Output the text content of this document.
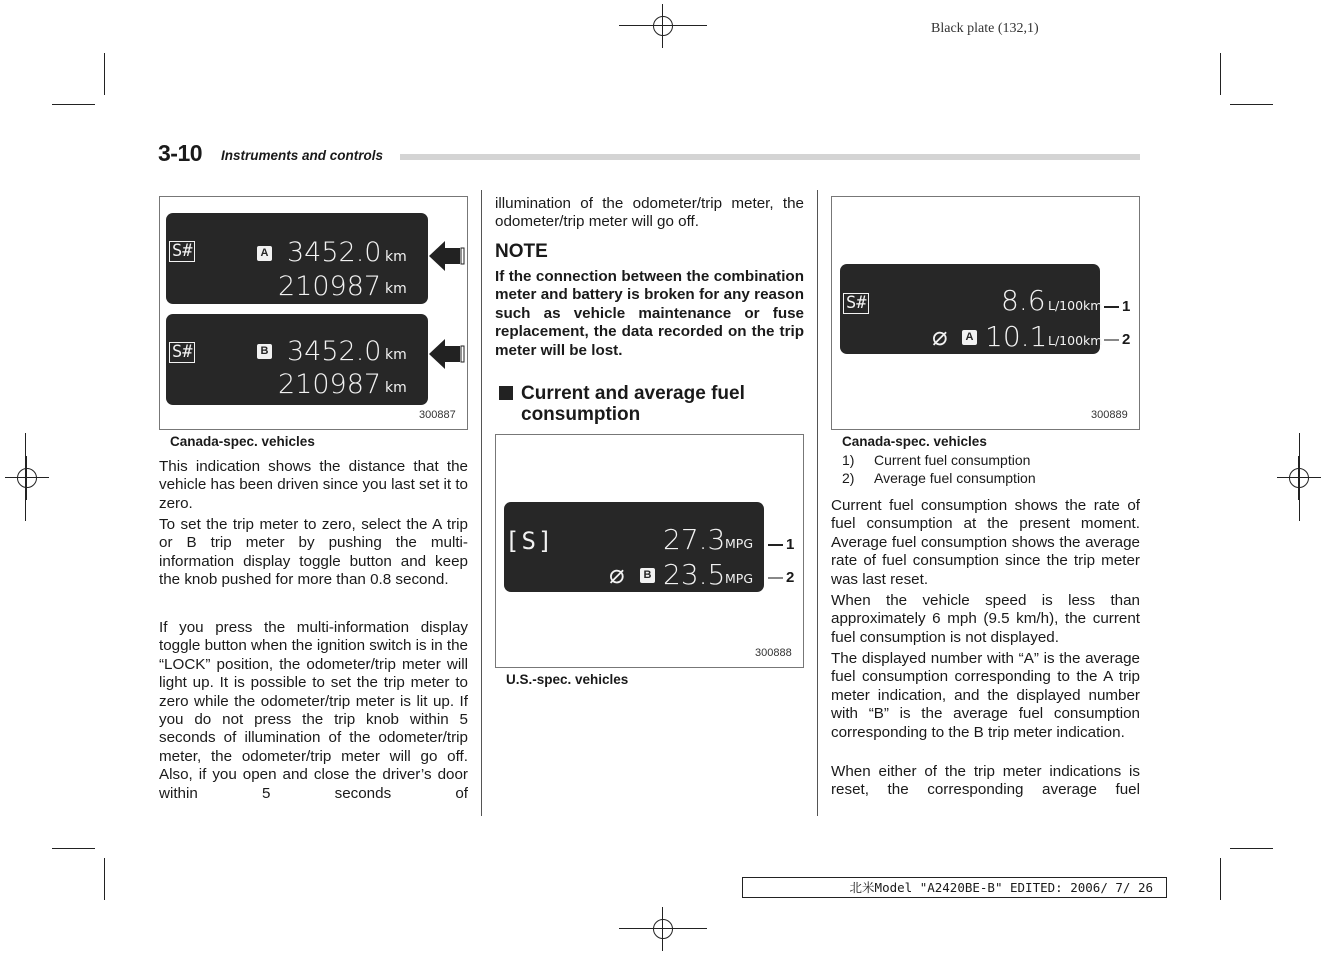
Black plate (132,1)
3-10 Instruments and controls
S#	A 3452.0 km
210987 km
S#	B 3452.0 km
210987 km
300887
Canada-spec. vehicles
This indication shows the distance that the vehicle has been driven since you last set it to zero.
To set the trip meter to zero, select the A trip or B trip meter by pushing the multi-information display toggle button and keep the knob pushed for more than 0.8 second.
If you press the multi-information display toggle button when the ignition switch is in the “LOCK” position, the odometer/trip meter will light up. It is possible to set the trip meter to zero while the odometer/trip meter is lit up. If you do not press the trip knob within 5 seconds of illumination of the odometer/trip meter, the odometer/trip meter will go off. Also, if you open and close the driver’s door within 5 seconds of
illumination of the odometer/trip meter, the odometer/trip meter will go off.
NOTE
If the connection between the combination meter and battery is broken for any reason such as vehicle maintenance or fuse replacement, the data recorded on the trip meter will be lost.
Current and average fuel
consumption
[S]	27.3 MPG
⌀	B 23.5 MPG
1
2
300888
U.S.-spec. vehicles
S#	8.6 L/100km
⌀	A 10.1 L/100km
1
2
300889
Canada-spec. vehicles
1) Current fuel consumption
2) Average fuel consumption
Current fuel consumption shows the rate of fuel consumption at the present moment. Average fuel consumption shows the average rate of fuel consumption since the trip meter was last reset.
When the vehicle speed is less than approximately 6 mph (9.5 km/h), the current fuel consumption is not displayed.
The displayed number with “A” is the average fuel consumption corresponding to the A trip meter indication, and the displayed number with “B” is the average fuel consumption corresponding to the B trip meter indication.
When either of the trip meter indications is reset, the corresponding average fuel
北米Model "A2420BE-B" EDITED: 2006/ 7/ 26
